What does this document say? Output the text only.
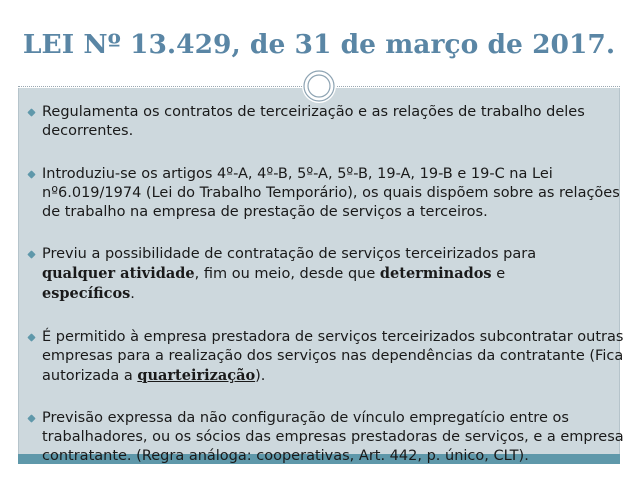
LEI Nº 13.429, de 31 de março de 2017.
Regulamenta os contratos de terceirização e as relações de trabalho deles decorrentes.
Introduziu-se os artigos 4º-A, 4º-B, 5º-A, 5º-B, 19-A, 19-B e 19-C na Lei nº6.019/1974 (Lei do Trabalho Temporário), os quais dispõem sobre as relações de trabalho na empresa de prestação de serviços a terceiros.
Previu a possibilidade de contratação de serviços terceirizados para
qualquer atividade, fim ou meio, desde que determinados e
específicos.
É permitido à empresa prestadora de serviços terceirizados subcontratar outras empresas para a realização dos serviços nas dependências da contratante (Fica autorizada a quarteirização).
Previsão expressa da não configuração de vínculo empregatício entre os trabalhadores, ou os sócios das empresas prestadoras de serviços, e a empresa contratante. (Regra análoga: cooperativas, Art. 442, p. único, CLT).
